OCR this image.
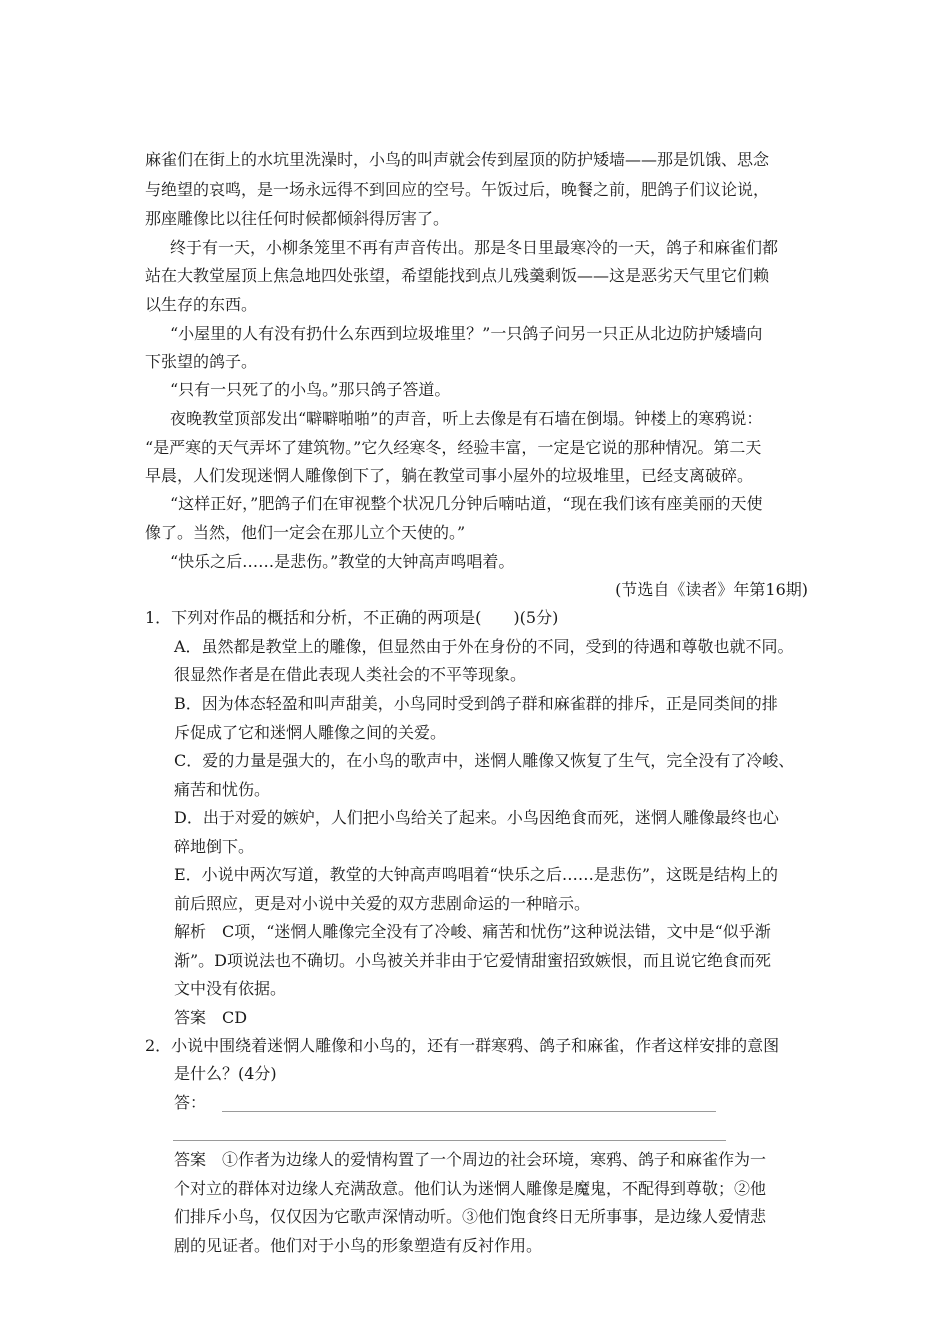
麻雀们在街上的水坑里洗澡时，小鸟的叫声就会传到屋顶的防护矮墙——那是饥饿、思念
与绝望的哀鸣，是一场永远得不到回应的空号。午饭过后，晚餐之前，肥鸽子们议论说，
那座雕像比以往任何时候都倾斜得厉害了。
终于有一天，小柳条笼里不再有声音传出。那是冬日里最寒冷的一天，鸽子和麻雀们都
站在大教堂屋顶上焦急地四处张望，希望能找到点儿残羹剩饭——这是恶劣天气里它们赖
以生存的东西。
“小屋里的人有没有扔什么东西到垃圾堆里？”一只鸽子问另一只正从北边防护矮墙向
下张望的鸽子。
“只有一只死了的小鸟。”那只鸽子答道。
夜晚教堂顶部发出“噼噼啪啪”的声音，听上去像是有石墙在倒塌。钟楼上的寒鸦说：
“是严寒的天气弄坏了建筑物。”它久经寒冬，经验丰富，一定是它说的那种情况。第二天
早晨，人们发现迷惘人雕像倒下了，躺在教堂司事小屋外的垃圾堆里，已经支离破碎。
“这样正好，”肥鸽子们在审视整个状况几分钟后喃咕道，“现在我们该有座美丽的天使
像了。当然，他们一定会在那儿立个天使的。”
“快乐之后……是悲伤。”教堂的大钟高声鸣唱着。
(节选自《读者》年第16期)
1．下列对作品的概括和分析，不正确的两项是(　　)(5分)
A．虽然都是教堂上的雕像，但显然由于外在身份的不同，受到的待遇和尊敬也就不同。
很显然作者是在借此表现人类社会的不平等现象。
B．因为体态轻盈和叫声甜美，小鸟同时受到鸽子群和麻雀群的排斥，正是同类间的排
斥促成了它和迷惘人雕像之间的关爱。
C．爱的力量是强大的，在小鸟的歌声中，迷惘人雕像又恢复了生气，完全没有了冷峻、
痛苦和忧伤。
D．出于对爱的嫉妒，人们把小鸟给关了起来。小鸟因绝食而死，迷惘人雕像最终也心
碎地倒下。
E．小说中两次写道，教堂的大钟高声鸣唱着“快乐之后……是悲伤”，这既是结构上的
前后照应，更是对小说中关爱的双方悲剧命运的一种暗示。
解析　C项，“迷惘人雕像完全没有了冷峻、痛苦和忧伤”这种说法错，文中是“似乎渐
渐”。D项说法也不确切。小鸟被关并非由于它爱情甜蜜招致嫉恨，而且说它绝食而死
文中没有依据。
答案　CD
2．小说中围绕着迷惘人雕像和小鸟的，还有一群寒鸦、鸽子和麻雀，作者这样安排的意图
是什么？(4分)
答：
答案　①作者为边缘人的爱情构置了一个周边的社会环境，寒鸦、鸽子和麻雀作为一
个对立的群体对边缘人充满敌意。他们认为迷惘人雕像是魔鬼，不配得到尊敬；②他
们排斥小鸟，仅仅因为它歌声深情动听。③他们饱食终日无所事事，是边缘人爱情悲
剧的见证者。他们对于小鸟的形象塑造有反衬作用。
